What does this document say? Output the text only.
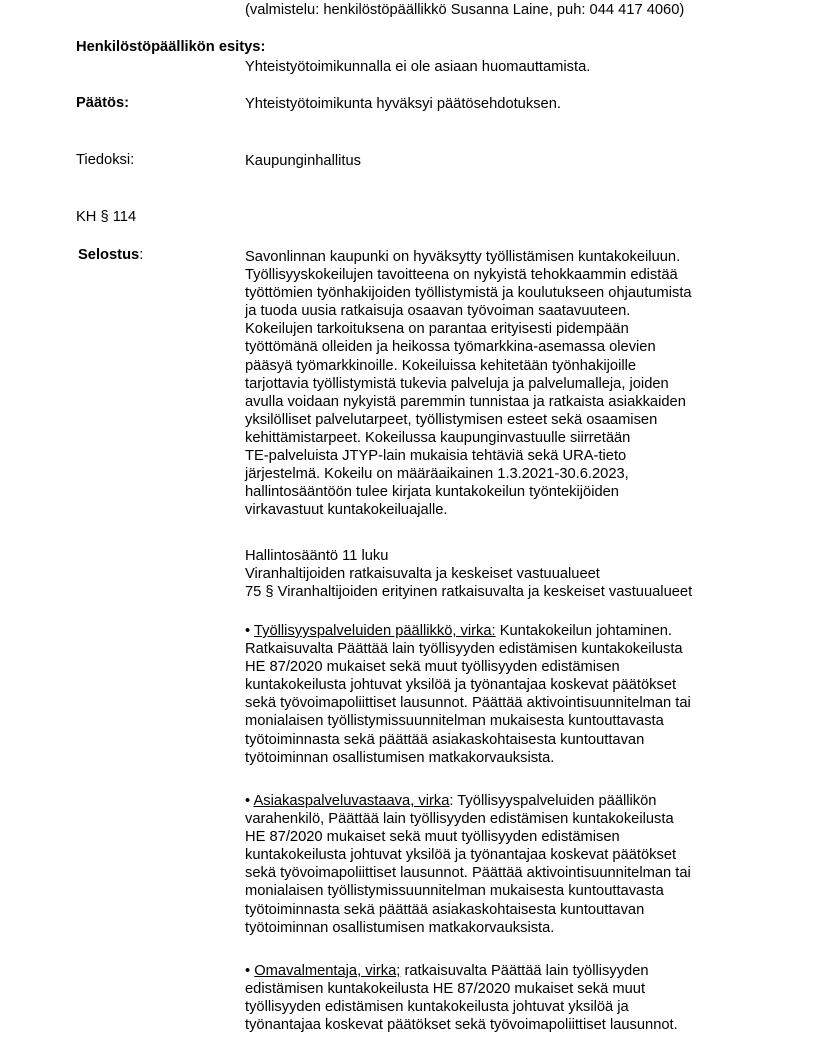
(valmistelu: henkilöstöpäällikkö Susanna Laine, puh: 044 417 4060)
Henkilöstöpäällikön esitys:
Yhteistyötoimikunnalla ei ole asiaan huomauttamista.
Päätös:	Yhteistyötoimikunta hyväksyi päätösehdotuksen.
Tiedoksi:	Kaupunginhallitus
KH § 114
Selostus:	Savonlinnan kaupunki on hyväksytty työllistämisen kuntakokeiluun.
Työllisyyskokeilujen tavoitteena on nykyistä tehokkaammin edistää
työttömien työnhakijoiden työllistymistä ja koulutukseen ohjautumista
ja tuoda uusia ratkaisuja osaavan työvoiman saatavuuteen.
Kokeilujen tarkoituksena on parantaa erityisesti pidempään
työttömänä olleiden ja heikossa työmarkkina-asemassa olevien
pääsyä työmarkkinoille. Kokeiluissa kehitetään työnhakijoille
tarjottavia työllistymistä tukevia palveluja ja palvelumalleja, joiden
avulla voidaan nykyistä paremmin tunnistaa ja ratkaista asiakkaiden
yksilölliset palvelutarpeet, työllistymisen esteet sekä osaamisen
kehittämistarpeet. Kokeilussa kaupunginvastuulle siirretään
TE-palveluista JTYP-lain mukaisia tehtäviä sekä URA-tieto
järjestelmä. Kokeilu on määräaikainen 1.3.2021-30.6.2023,
hallintosääntöön tulee kirjata kuntakokeilun työntekijöiden
virkavastuut kuntakokeiluajalle.
Hallintosääntö 11 luku
Viranhaltijoiden ratkaisuvalta ja keskeiset vastuualueet
75 § Viranhaltijoiden erityinen ratkaisuvalta ja keskeiset vastuualueet
• Työllisyyspalveluiden päällikkö, virka: Kuntakokeilun johtaminen.
Ratkaisuvalta Päättää lain työllisyyden edistämisen kuntakokeilusta
HE 87/2020 mukaiset sekä muut työllisyyden edistämisen
kuntakokeilusta johtuvat yksilöä ja työnantajaa koskevat päätökset
sekä työvoimapoliittiset lausunnot. Päättää aktivointisuunnitelman tai
monialaisen työllistymissuunnitelman mukaisesta kuntouttavasta
työtoiminnasta sekä päättää asiakaskohtaisesta kuntouttavan
työtoiminnan osallistumisen matkakorvauksista.
• Asiakaspalveluvastaava, virka: Työllisyyspalveluiden päällikön
varahenkilö, Päättää lain työllisyyden edistämisen kuntakokeilusta
HE 87/2020 mukaiset sekä muut työllisyyden edistämisen
kuntakokeilusta johtuvat yksilöä ja työnantajaa koskevat päätökset
sekä työvoimapoliittiset lausunnot. Päättää aktivointisuunnitelman tai
monialaisen työllistymissuunnitelman mukaisesta kuntouttavasta
työtoiminnasta sekä päättää asiakaskohtaisesta kuntouttavan
työtoiminnan osallistumisen matkakorvauksista.
• Omavalmentaja, virka; ratkaisuvalta Päättää lain työllisyyden
edistämisen kuntakokeilusta HE 87/2020 mukaiset sekä muut
työllisyyden edistämisen kuntakokeilusta johtuvat yksilöä ja
työnantajaa koskevat päätökset sekä työvoimapoliittiset lausunnot.
